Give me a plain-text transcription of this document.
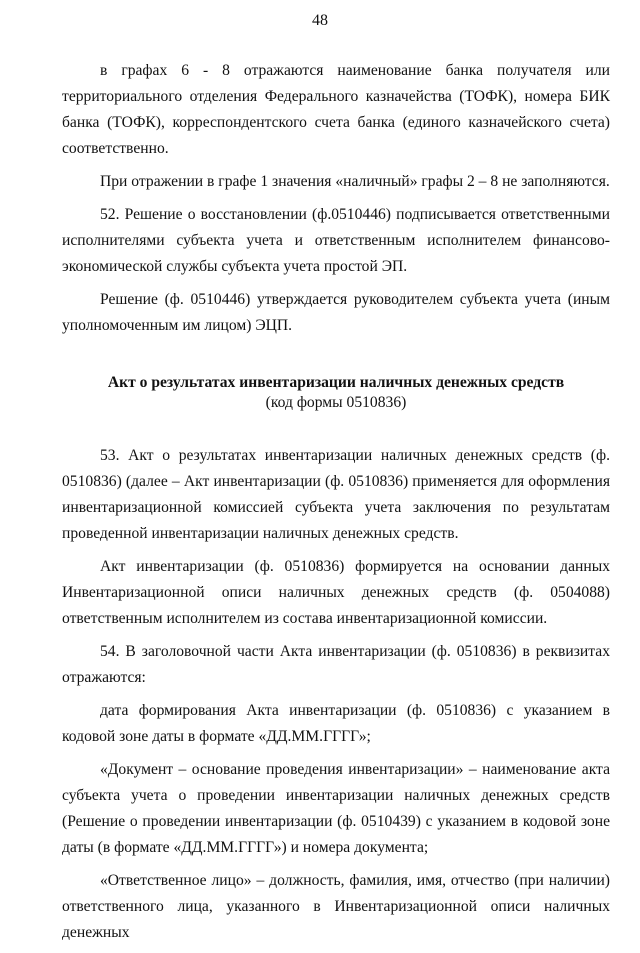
48

в графах 6 - 8 отражаются наименование банка получателя или территориального отделения Федерального казначейства (ТОФК), номера БИК банка (ТОФК), корреспондентского счета банка (единого казначейского счета) соответственно.

При отражении в графе 1 значения «наличный» графы 2 – 8 не заполняются.

52. Решение о восстановлении (ф.0510446) подписывается ответственными исполнителями субъекта учета и ответственным исполнителем финансово-экономической службы субъекта учета простой ЭП.

Решение (ф. 0510446) утверждается руководителем субъекта учета (иным уполномоченным им лицом) ЭЦП.

Акт о результатах инвентаризации наличных денежных средств
(код формы 0510836)

53. Акт о результатах инвентаризации наличных денежных средств (ф. 0510836) (далее – Акт инвентаризации (ф. 0510836) применяется для оформления инвентаризационной комиссией субъекта учета заключения по результатам проведенной инвентаризации наличных денежных средств.

Акт инвентаризации (ф. 0510836) формируется на основании данных Инвентаризационной описи наличных денежных средств (ф. 0504088) ответственным исполнителем из состава инвентаризационной комиссии.

54. В заголовочной части Акта инвентаризации (ф. 0510836) в реквизитах отражаются:

дата формирования Акта инвентаризации (ф. 0510836) с указанием в кодовой зоне даты в формате «ДД.ММ.ГГГГ»;

«Документ – основание проведения инвентаризации» – наименование акта субъекта учета о проведении инвентаризации наличных денежных средств (Решение о проведении инвентаризации (ф. 0510439) с указанием в кодовой зоне даты (в формате «ДД.ММ.ГГГГ») и номера документа;

«Ответственное лицо» – должность, фамилия, имя, отчество (при наличии) ответственного лица, указанного в Инвентаризационной описи наличных денежных
